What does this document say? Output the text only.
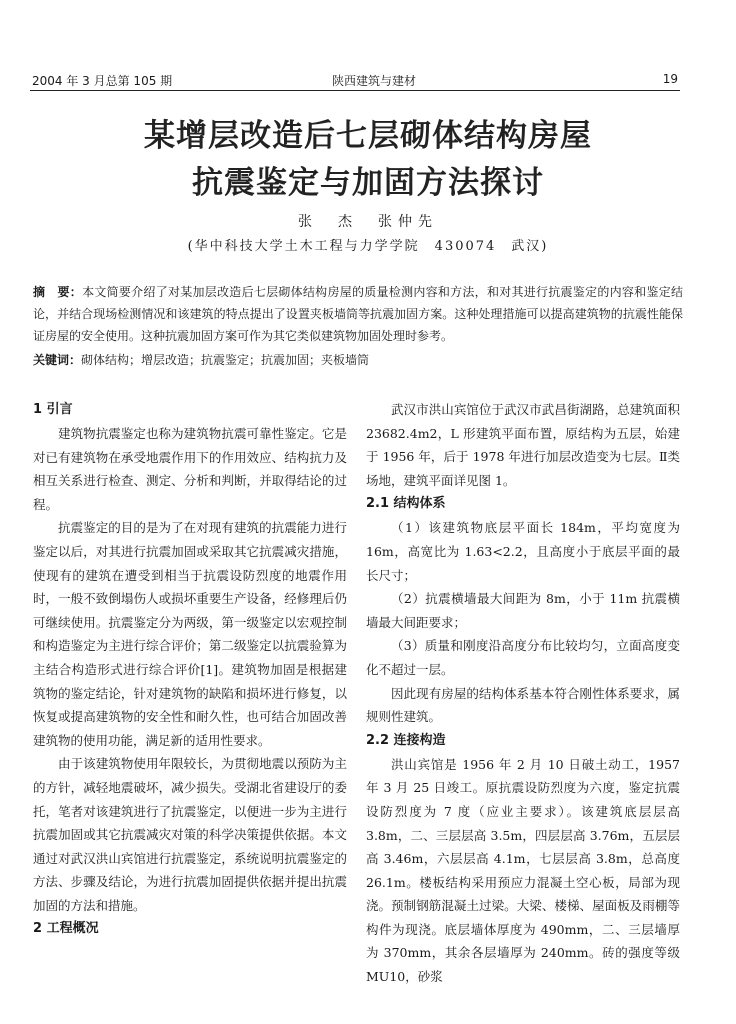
2004 年 3 月总第 105 期	陕西建筑与建材	19
某增层改造后七层砌体结构房屋
抗震鉴定与加固方法探讨
张　杰　张仲先
(华中科技大学土木工程与力学学院　430074　武汉)
摘　要：本文简要介绍了对某加层改造后七层砌体结构房屋的质量检测内容和方法，和对其进行抗震鉴定的内容和鉴定结论，并结合现场检测情况和该建筑的特点提出了设置夹板墙筒等抗震加固方案。这种处理措施可以提高建筑物的抗震性能保证房屋的安全使用。这种抗震加固方案可作为其它类似建筑物加固处理时参考。
关键词：砌体结构；增层改造；抗震鉴定；抗震加固；夹板墙筒
1 引言

建筑物抗震鉴定也称为建筑物抗震可靠性鉴定。它是对已有建筑物在承受地震作用下的作用效应、结构抗力及相互关系进行检查、测定、分析和判断，并取得结论的过程。

抗震鉴定的目的是为了在对现有建筑的抗震能力进行鉴定以后，对其进行抗震加固或采取其它抗震减灾措施，使现有的建筑在遭受到相当于抗震设防烈度的地震作用时，一般不致倒塌伤人或损坏重要生产设备，经修理后仍可继续使用。抗震鉴定分为两级，第一级鉴定以宏观控制和构造鉴定为主进行综合评价；第二级鉴定以抗震验算为主结合构造形式进行综合评价[1]。建筑物加固是根据建筑物的鉴定结论，针对建筑物的缺陷和损坏进行修复，以恢复或提高建筑物的安全性和耐久性，也可结合加固改善建筑物的使用功能，满足新的适用性要求。

由于该建筑物使用年限较长，为贯彻地震以预防为主的方针，减轻地震破坏，减少损失。受湖北省建设厅的委托，笔者对该建筑进行了抗震鉴定，以便进一步为主进行抗震加固或其它抗震减灾对策的科学决策提供依据。本文通过对武汉洪山宾馆进行抗震鉴定，系统说明抗震鉴定的方法、步骤及结论，为进行抗震加固提供依据并提出抗震加固的方法和措施。

2 工程概况

武汉市洪山宾馆位于武汉市武昌街湖路，总建筑面积 23682.4m2，L 形建筑平面布置，原结构为五层，始建于 1956 年，后于 1978 年进行加层改造变为七层。Ⅱ类场地，建筑平面详见图 1。

2.1 结构体系

（1）该建筑物底层平面长 184m，平均宽度为 16m，高宽比为 1.63<2.2，且高度小于底层平面的最长尺寸；

（2）抗震横墙最大间距为 8m，小于 11m 抗震横墙最大间距要求；

（3）质量和刚度沿高度分布比较均匀，立面高度变化不超过一层。

因此现有房屋的结构体系基本符合刚性体系要求，属规则性建筑。

2.2 连接构造

洪山宾馆是 1956 年 2 月 10 日破土动工，1957 年 3 月 25 日竣工。原抗震设防烈度为六度，鉴定抗震设防烈度为 7 度（应业主要求）。该建筑底层层高 3.8m，二、三层层高 3.5m，四层层高 3.76m，五层层高 3.46m，六层层高 4.1m，七层层高 3.8m，总高度 26.1m。楼板结构采用预应力混凝土空心板，局部为现浇。预制钢筋混凝土过梁。大梁、楼梯、屋面板及雨棚等构件为现浇。底层墙体厚度为 490mm，二、三层墙厚为 370mm，其余各层墙厚为 240mm。砖的强度等级 MU10，砂浆
